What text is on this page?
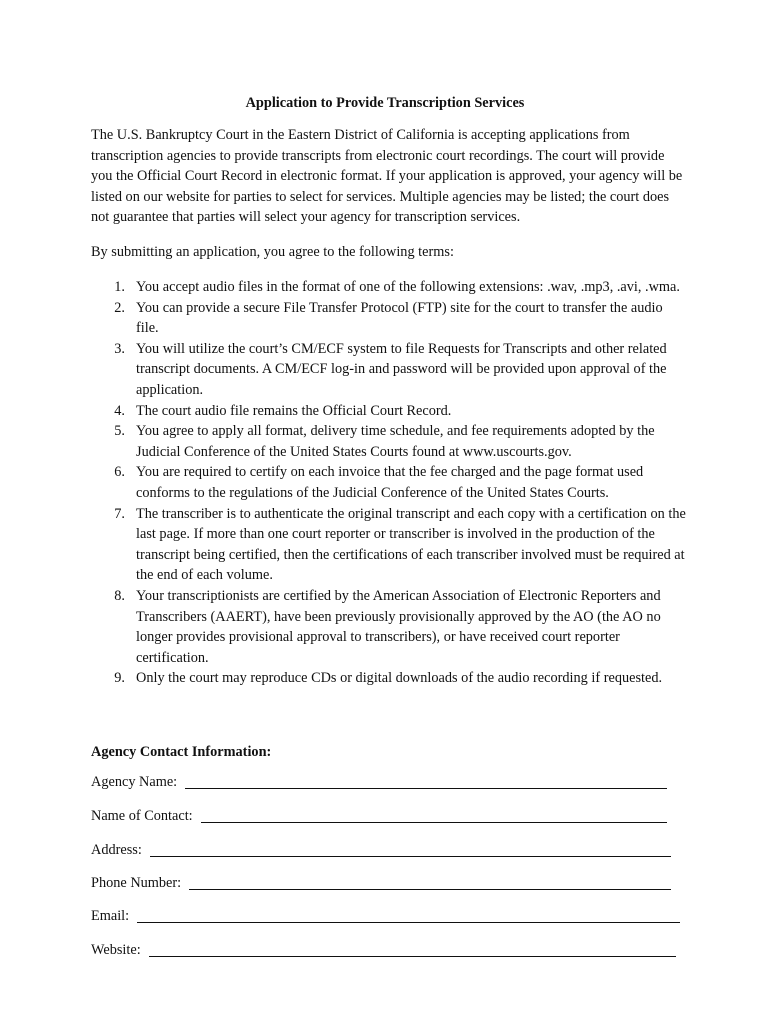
Application to Provide Transcription Services

The U.S. Bankruptcy Court in the Eastern District of California is accepting applications from transcription agencies to provide transcripts from electronic court recordings. The court will provide you the Official Court Record in electronic format. If your application is approved, your agency will be listed on our website for parties to select for services. Multiple agencies may be listed; the court does not guarantee that parties will select your agency for transcription services.

By submitting an application, you agree to the following terms:

1. You accept audio files in the format of one of the following extensions: .wav, .mp3, .avi, .wma.
2. You can provide a secure File Transfer Protocol (FTP) site for the court to transfer the audio file.
3. You will utilize the court’s CM/ECF system to file Requests for Transcripts and other related transcript documents. A CM/ECF log-in and password will be provided upon approval of the application.
4. The court audio file remains the Official Court Record.
5. You agree to apply all format, delivery time schedule, and fee requirements adopted by the Judicial Conference of the United States Courts found at www.uscourts.gov.
6. You are required to certify on each invoice that the fee charged and the page format used conforms to the regulations of the Judicial Conference of the United States Courts.
7. The transcriber is to authenticate the original transcript and each copy with a certification on the last page. If more than one court reporter or transcriber is involved in the production of the transcript being certified, then the certifications of each transcriber involved must be required at the end of each volume.
8. Your transcriptionists are certified by the American Association of Electronic Reporters and Transcribers (AAERT), have been previously provisionally approved by the AO (the AO no longer provides provisional approval to transcribers), or have received court reporter certification.
9. Only the court may reproduce CDs or digital downloads of the audio recording if requested.
Agency Contact Information:
Agency Name:
Name of Contact:
Address:
Phone Number:
Email:
Website:
